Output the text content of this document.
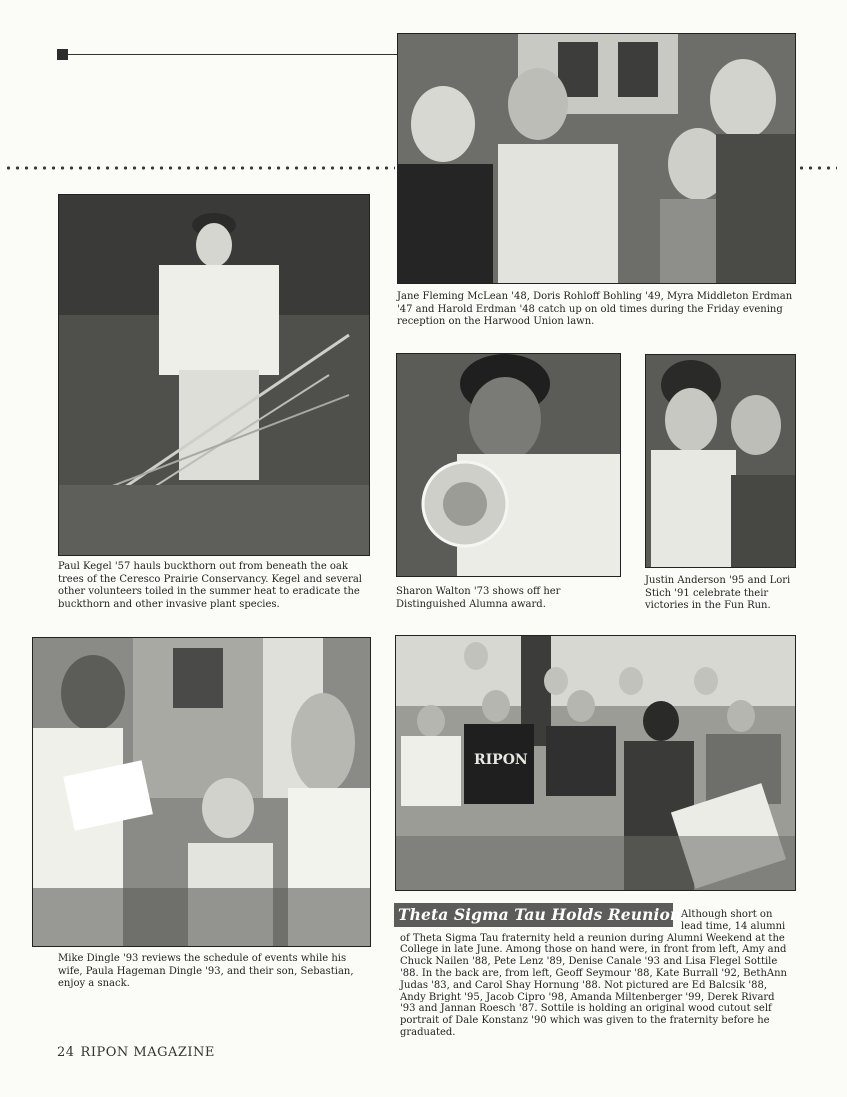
Jane Fleming McLean '48, Doris Rohloff Bohling '49, Myra Middleton Erdman '47 and Harold Erdman '48 catch up on old times during the Friday evening reception on the Harwood Union lawn.

Paul Kegel '57 hauls buckthorn out from beneath the oak trees of the Ceresco Prairie Conservancy. Kegel and several other volunteers toiled in the summer heat to eradicate the buckthorn and other invasive plant species.

Sharon Walton '73 shows off her Distinguished Alumna award.

Justin Anderson '95 and Lori Stich '91 celebrate their victories in the Fun Run.

Mike Dingle '93 reviews the schedule of events while his wife, Paula Hageman Dingle '93, and their son, Sebastian, enjoy a snack.

RIPON
Theta Sigma Tau Holds Reunion Although short on lead time, 14 alumni of Theta Sigma Tau fraternity held a reunion during Alumni Weekend at the College in late June. Among those on hand were, in front from left, Amy and Chuck Nailen '88, Pete Lenz '89, Denise Canale '93 and Lisa Flegel Sottile '88. In the back are, from left, Geoff Seymour '88, Kate Burrall '92, BethAnn Judas '83, and Carol Shay Hornung '88. Not pictured are Ed Balcsik '88, Andy Bright '95, Jacob Cipro '98, Amanda Miltenberger '99, Derek Rivard '93 and Jannan Roesch '87. Sottile is holding an original wood cutout self portrait of Dale Konstanz '90 which was given to the fraternity before he graduated.
24 RIPON MAGAZINE
